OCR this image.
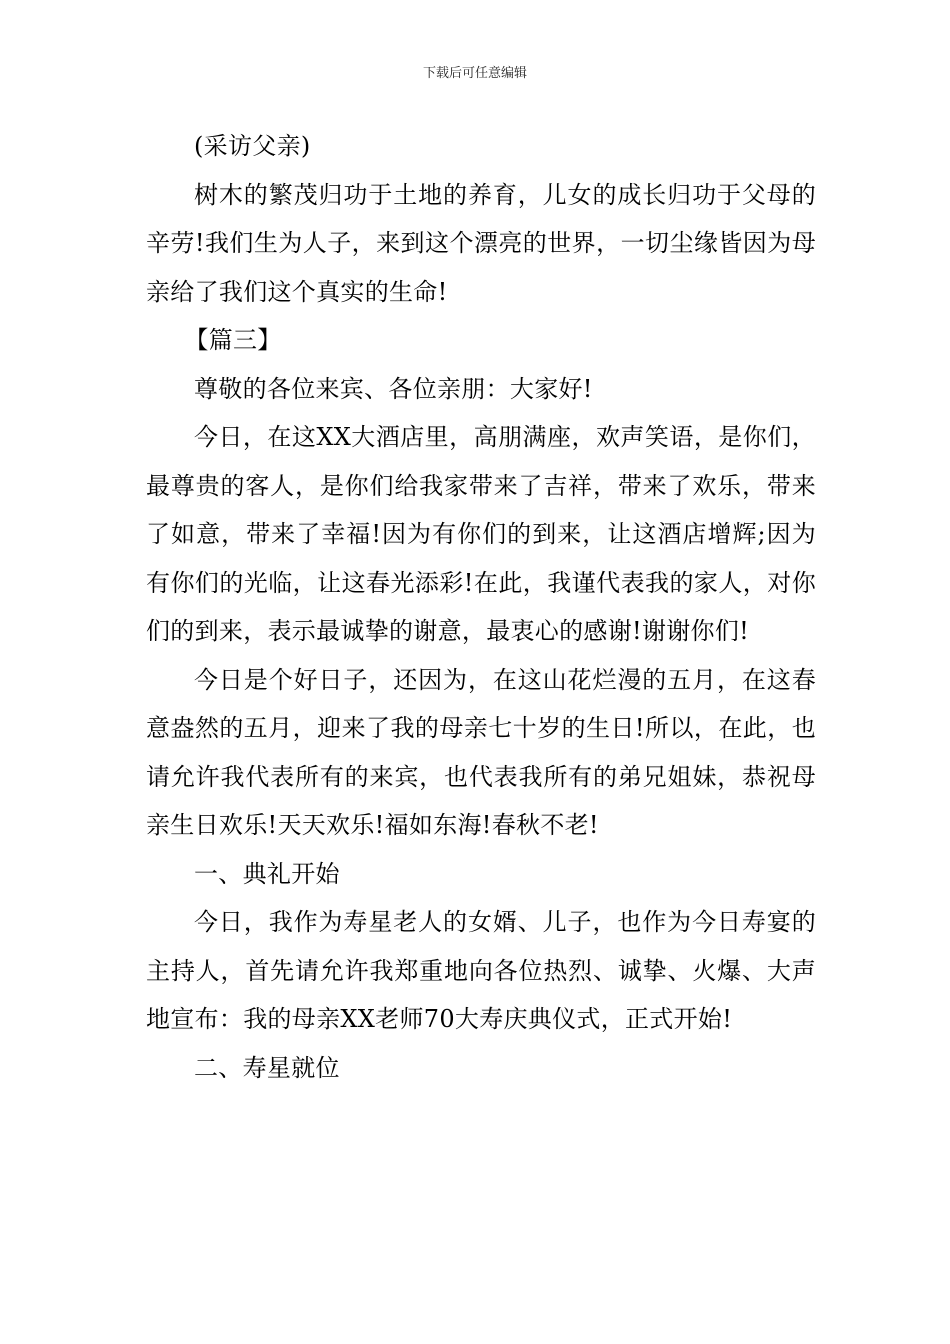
下载后可任意编辑

(采访父亲)

树木的繁茂归功于土地的养育，儿女的成长归功于父母的辛劳!我们生为人子，来到这个漂亮的世界，一切尘缘皆因为母亲给了我们这个真实的生命!

【篇三】

尊敬的各位来宾、各位亲朋：大家好!

今日，在这XX大酒店里，高朋满座，欢声笑语，是你们，最尊贵的客人，是你们给我家带来了吉祥，带来了欢乐，带来了如意，带来了幸福!因为有你们的到来，让这酒店增辉;因为有你们的光临，让这春光添彩!在此，我谨代表我的家人，对你们的到来，表示最诚挚的谢意，最衷心的感谢!谢谢你们!

今日是个好日子，还因为，在这山花烂漫的五月，在这春意盎然的五月，迎来了我的母亲七十岁的生日!所以，在此，也请允许我代表所有的来宾，也代表我所有的弟兄姐妹，恭祝母亲生日欢乐!天天欢乐!福如东海!春秋不老!

一、典礼开始

今日，我作为寿星老人的女婿、儿子，也作为今日寿宴的主持人，首先请允许我郑重地向各位热烈、诚挚、火爆、大声地宣布：我的母亲XX老师70大寿庆典仪式，正式开始!

二、寿星就位
